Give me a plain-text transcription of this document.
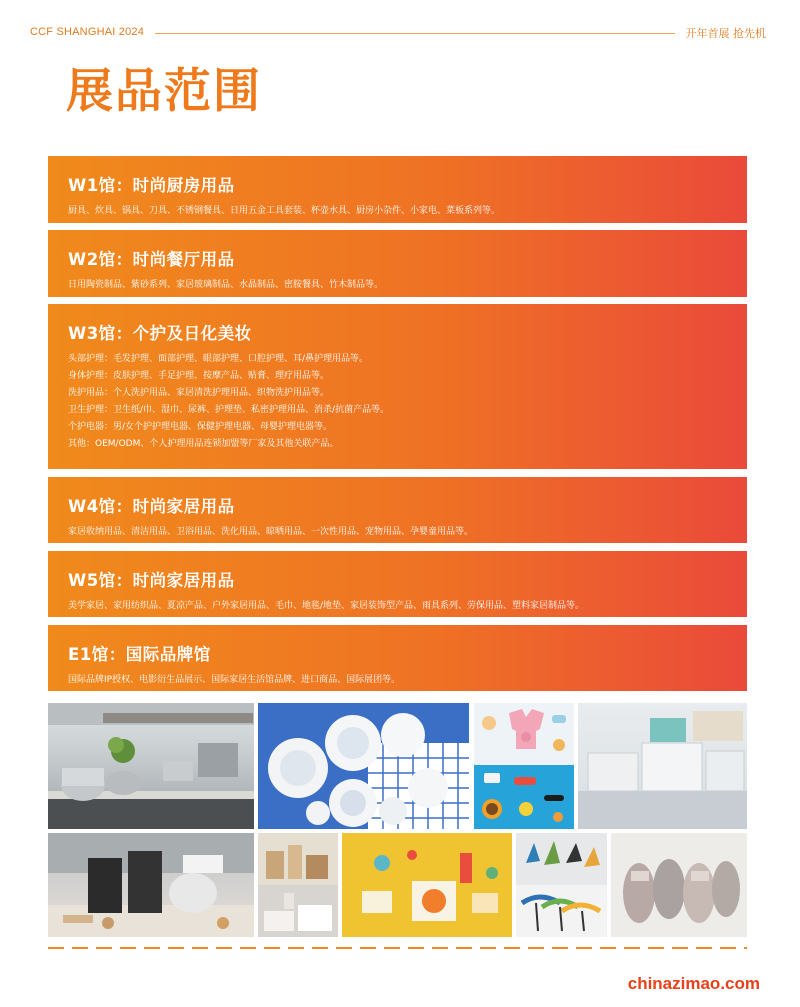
CCF SHANGHAI 2024	开年首展 抢先机
展品范围
W1馆：时尚厨房用品
厨具、炊具、锅具、刀具、不锈钢餐具、日用五金工具套装、杯壶水具、厨房小杂件、小家电、菜板系列等。
W2馆：时尚餐厅用品
日用陶瓷制品、紫砂系列、家居玻璃制品、水晶制品、密胺餐具、竹木制品等。
W3馆：个护及日化美妆
头部护理：毛发护理、面部护理、眼部护理、口腔护理、耳/鼻护理用品等。
身体护理：皮肤护理、手足护理、按摩产品、贴膏、理疗用品等。
洗护用品：个人洗护用品、家居清洗护理用品、织物洗护用品等。
卫生护理：卫生纸/巾、湿巾、尿裤、护理垫、私密护理用品、消杀/抗菌产品等。
个护电器：男/女个护护理电器、保健护理电器、母婴护理电器等。
其他：OEM/ODM、个人护理用品连锁加盟等厂家及其他关联产品。
W4馆：时尚家居用品
家居收纳用品、清洁用品、卫浴用品、洗化用品、晾晒用品、一次性用品、宠物用品、孕婴童用品等。
W5馆：时尚家居用品
美学家居、家用纺织品、夏凉产品、户外家居用品、毛巾、地毯/地垫、家居装饰型产品、雨具系列、劳保用品、塑料家居制品等。
E1馆：国际品牌馆
国际品牌IP授权、电影衍生品展示、国际家居生活馆品牌、进口商品、国际展团等。
chinazimao.com
